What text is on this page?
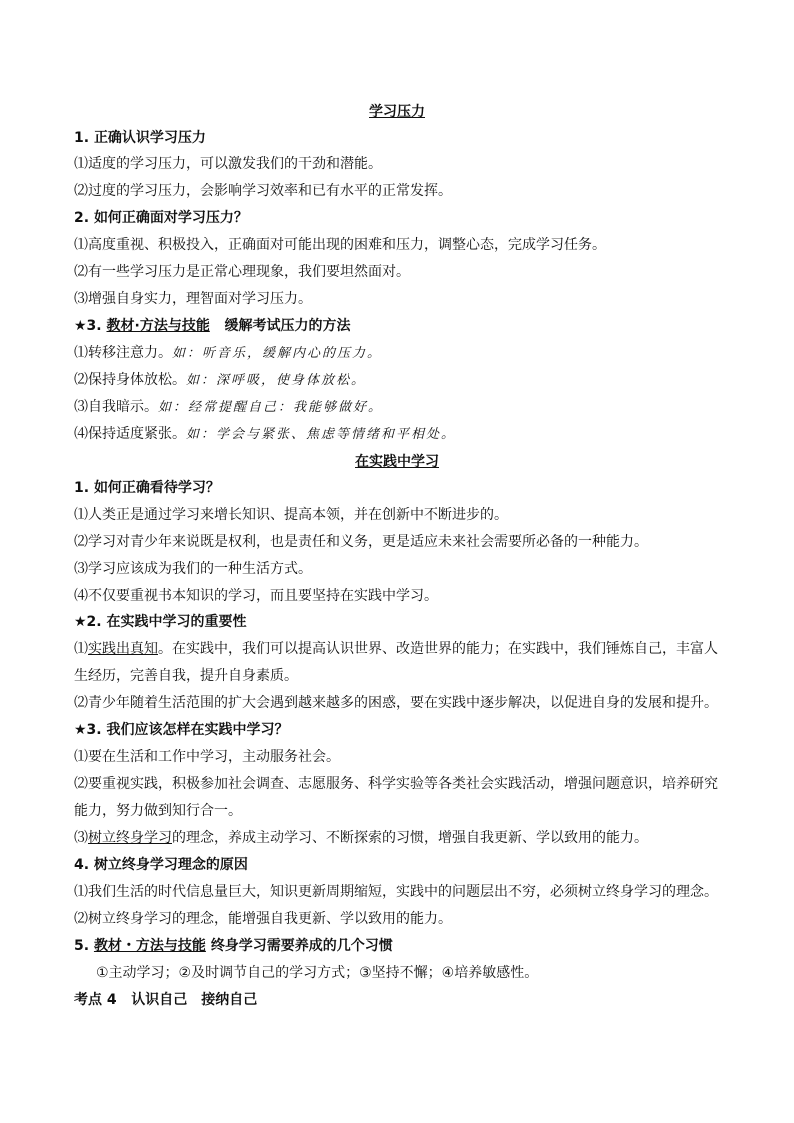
学习压力
1. 正确认识学习压力
⑴适度的学习压力，可以激发我们的干劲和潜能。
⑵过度的学习压力，会影响学习效率和已有水平的正常发挥。
2. 如何正确面对学习压力？
⑴高度重视、积极投入，正确面对可能出现的困难和压力，调整心态，完成学习任务。
⑵有一些学习压力是正常心理现象，我们要坦然面对。
⑶增强自身实力，理智面对学习压力。
★3. 教材·方法与技能 缓解考试压力的方法
⑴转移注意力。如：听音乐，缓解内心的压力。
⑵保持身体放松。如：深呼吸，使身体放松。
⑶自我暗示。如：经常提醒自己：我能够做好。
⑷保持适度紧张。如：学会与紧张、焦虑等情绪和平相处。
在实践中学习
1. 如何正确看待学习？
⑴人类正是通过学习来增长知识、提高本领，并在创新中不断进步的。
⑵学习对青少年来说既是权利，也是责任和义务，更是适应未来社会需要所必备的一种能力。
⑶学习应该成为我们的一种生活方式。
⑷不仅要重视书本知识的学习，而且要坚持在实践中学习。
★2. 在实践中学习的重要性
⑴实践出真知。在实践中，我们可以提高认识世界、改造世界的能力；在实践中，我们锤炼自己，丰富人
生经历，完善自我，提升自身素质。
⑵青少年随着生活范围的扩大会遇到越来越多的困惑，要在实践中逐步解决，以促进自身的发展和提升。
★3. 我们应该怎样在实践中学习？
⑴要在生活和工作中学习，主动服务社会。
⑵要重视实践，积极参加社会调查、志愿服务、科学实验等各类社会实践活动，增强问题意识，培养研究
能力，努力做到知行合一。
⑶树立终身学习的理念，养成主动学习、不断探索的习惯，增强自我更新、学以致用的能力。
4. 树立终身学习理念的原因
⑴我们生活的时代信息量巨大，知识更新周期缩短，实践中的问题层出不穷，必须树立终身学习的理念。
⑵树立终身学习的理念，能增强自我更新、学以致用的能力。
5. 教材・方法与技能 终身学习需要养成的几个习惯
①主动学习；②及时调节自己的学习方式；③坚持不懈；④培养敏感性。
考点 4 认识自己　接纳自己
